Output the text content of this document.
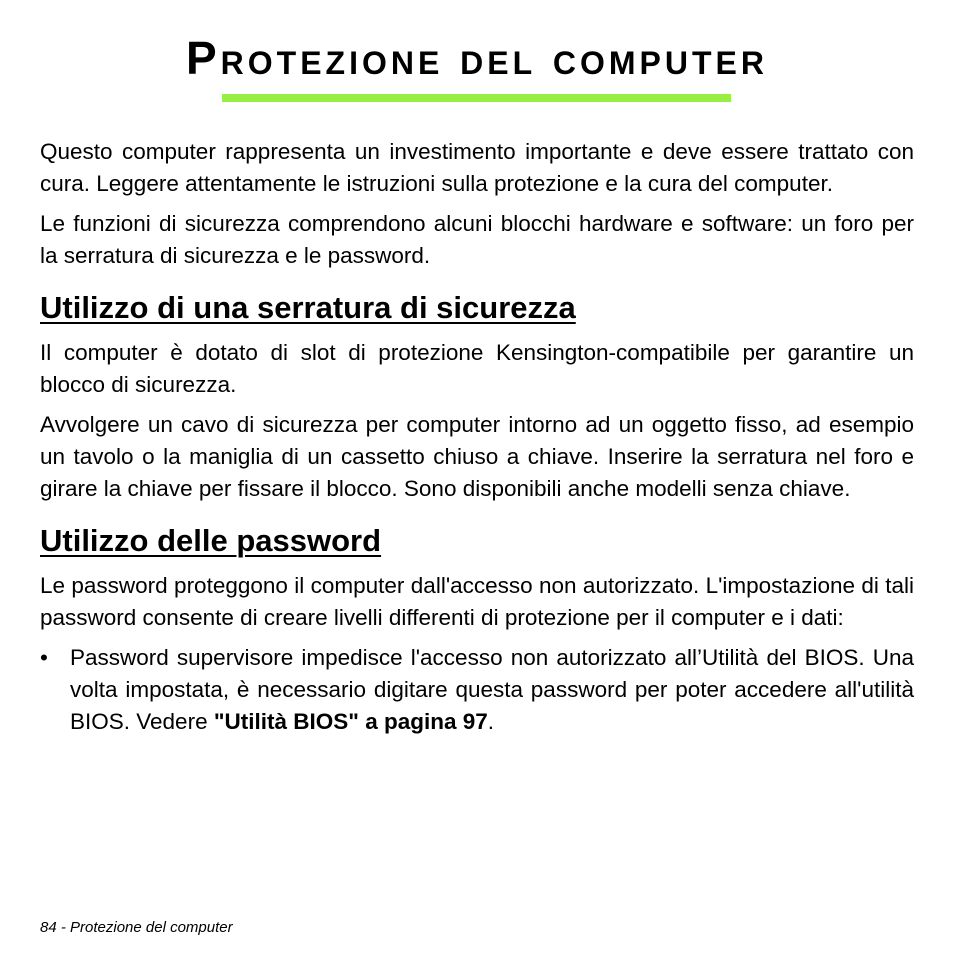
Protezione del computer

Questo computer rappresenta un investimento importante e deve essere trattato con cura. Leggere attentamente le istruzioni sulla protezione e la cura del computer.

Le funzioni di sicurezza comprendono alcuni blocchi hardware e software: un foro per la serratura di sicurezza e le password.

Utilizzo di una serratura di sicurezza

Il computer è dotato di slot di protezione Kensington-compatibile per garantire un blocco di sicurezza.

Avvolgere un cavo di sicurezza per computer intorno ad un oggetto fisso, ad esempio un tavolo o la maniglia di un cassetto chiuso a chiave. Inserire la serratura nel foro e girare la chiave per fissare il blocco. Sono disponibili anche modelli senza chiave.

Utilizzo delle password

Le password proteggono il computer dall'accesso non autorizzato. L'impostazione di tali password consente di creare livelli differenti di protezione per il computer e i dati:

• Password supervisore impedisce l'accesso non autorizzato all’Utilità del BIOS. Una volta impostata, è necessario digitare questa password per poter accedere all'utilità BIOS. Vedere "Utilità BIOS" a pagina 97.
84 - Protezione del computer
